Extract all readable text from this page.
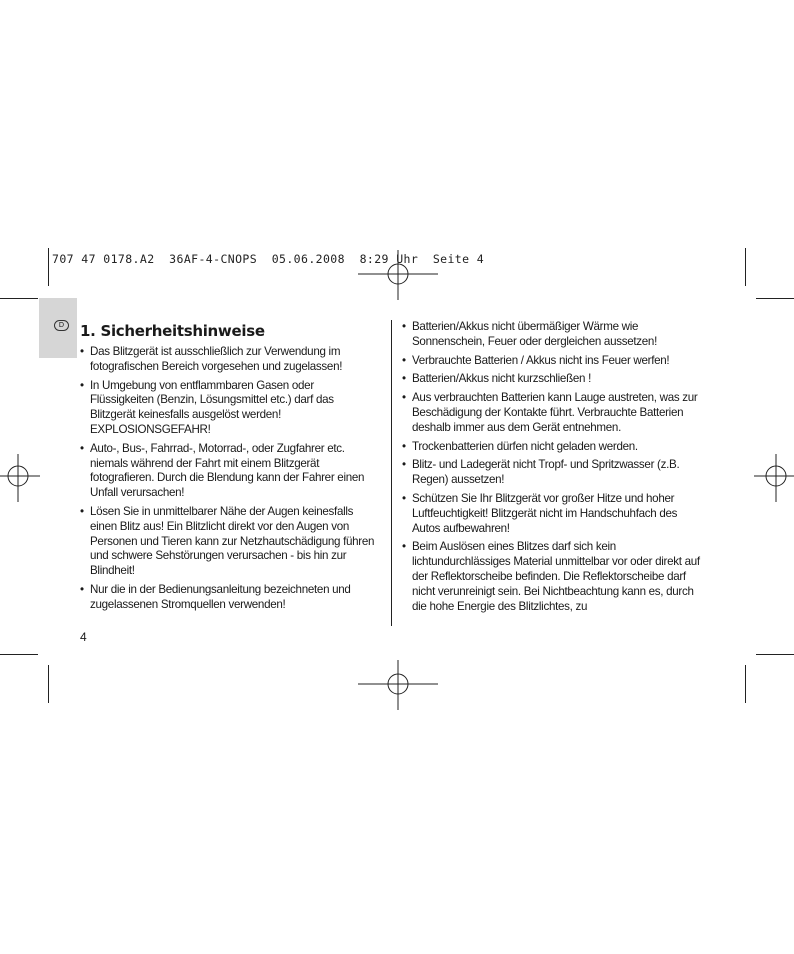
707 47 0178.A2  36AF-4-CNOPS  05.06.2008  8:29 Uhr  Seite 4
D	1. Sicherheitshinweise
• Das Blitzgerät ist ausschließlich zur Verwendung im fotografischen Bereich vorgesehen und zugelassen!
• In Umgebung von entflammbaren Gasen oder Flüssigkeiten (Benzin, Lösungsmittel etc.) darf das Blitzgerät keinesfalls ausgelöst werden! EXPLOSIONSGEFAHR!
• Auto-, Bus-, Fahrrad-, Motorrad-, oder Zugfahrer etc. niemals während der Fahrt mit einem Blitzgerät fotografieren. Durch die Blendung kann der Fahrer einen Unfall verursachen!
• Lösen Sie in unmittelbarer Nähe der Augen keinesfalls einen Blitz aus! Ein Blitzlicht direkt vor den Augen von Personen und Tieren kann zur Netzhautschädigung führen und schwere Sehstörungen verursachen - bis hin zur Blindheit!
• Nur die in der Bedienungsanleitung bezeichneten und zugelassenen Stromquellen verwenden!
• Batterien/Akkus nicht übermäßiger Wärme wie Sonnenschein, Feuer oder dergleichen aussetzen!
• Verbrauchte Batterien / Akkus nicht ins Feuer werfen!
• Batterien/Akkus nicht kurzschließen !
• Aus verbrauchten Batterien kann Lauge austreten, was zur Beschädigung der Kontakte führt. Verbrauchte Batterien deshalb immer aus dem Gerät entnehmen.
• Trockenbatterien dürfen nicht geladen werden.
• Blitz- und Ladegerät nicht Tropf- und Spritzwasser (z.B. Regen) aussetzen!
• Schützen Sie Ihr Blitzgerät vor großer Hitze und hoher Luftfeuchtigkeit! Blitzgerät nicht im Handschuhfach des Autos aufbewahren!
• Beim Auslösen eines Blitzes darf sich kein lichtundurchlässiges Material unmittelbar vor oder direkt auf der Reflektorscheibe befinden. Die Reflektorscheibe darf nicht verunreinigt sein. Bei Nichtbeachtung kann es, durch die hohe Energie des Blitzlichtes, zu
4
